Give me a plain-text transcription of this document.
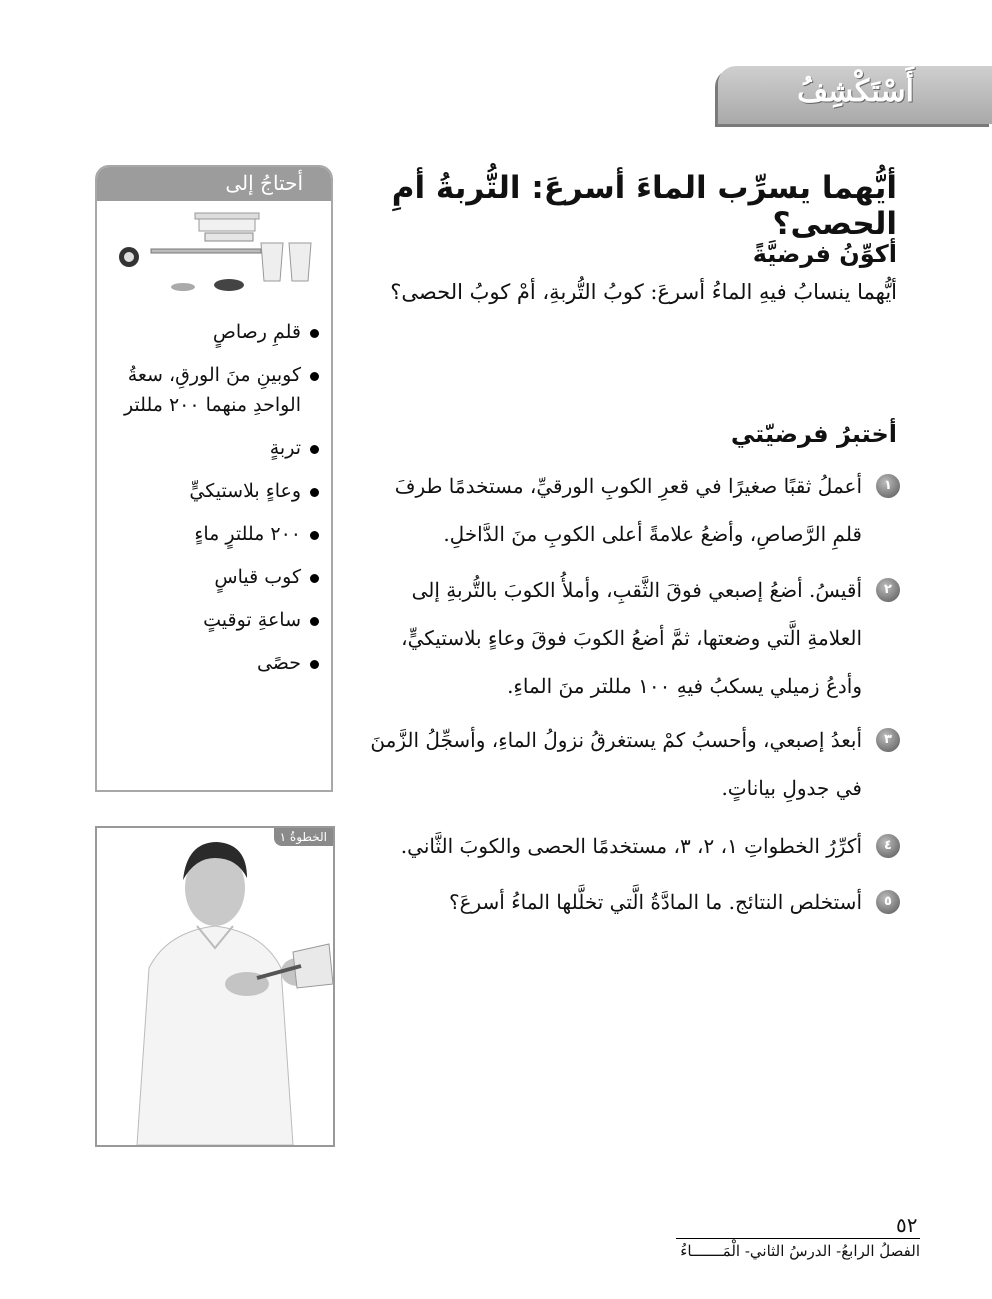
أَسْتَكْشِفُ
أيُّهما يسرِّب الماءَ أسرعَ: التُّربةُ أمِ الحصى؟
أكوِّنُ فرضيَّةً
أيُّهما ينسابُ فيهِ الماءُ أسرعَ: كوبُ التُّربةِ، أمْ كوبُ الحصى؟
أختبرُ فرضيّتي
١
أعملُ ثقبًا صغيرًا في قعرِ الكوبِ الورقيِّ، مستخدمًا طرفَ قلمِ الرَّصاصِ، وأضعُ علامةً أعلى الكوبِ منَ الدَّاخلِ.
٢
أقيسُ. أضعُ إصبعي فوقَ الثَّقبِ، وأملأُ الكوبَ بالتُّربةِ إلى العلامةِ الَّتي وضعتها، ثمَّ أضعُ الكوبَ فوقَ وعاءٍ بلاستيكيٍّ، وأدعُ زميلي يسكبُ فيهِ ١٠٠ مللتر منَ الماءِ.
٣
أبعدُ إصبعي، وأحسبُ كمْ يستغرقُ نزولُ الماءِ، وأسجِّلُ الزَّمنَ في جدولِ بياناتٍ.
٤
أكرِّرُ الخطواتِ ١، ٢، ٣، مستخدمًا الحصى والكوبَ الثَّاني.
٥
أستخلص النتائج. ما المادَّةُ الَّتي تخلَّلها الماءُ أسرعَ؟
أحتاجُ إلى
قلمِ رصاصٍ
كوبينِ منَ الورقِ، سعةُ الواحدِ منهما ٢٠٠ مللتر
تربةٍ
وعاءٍ بلاستيكيٍّ
٢٠٠ مللترٍ ماءٍ
كوب قياسٍ
ساعةِ توقيتٍ
حصًى
الخطوةُ ١
٥٢
الفصلُ الرابعُ- الدرسُ الثاني- الْمَـــــــاءُ
